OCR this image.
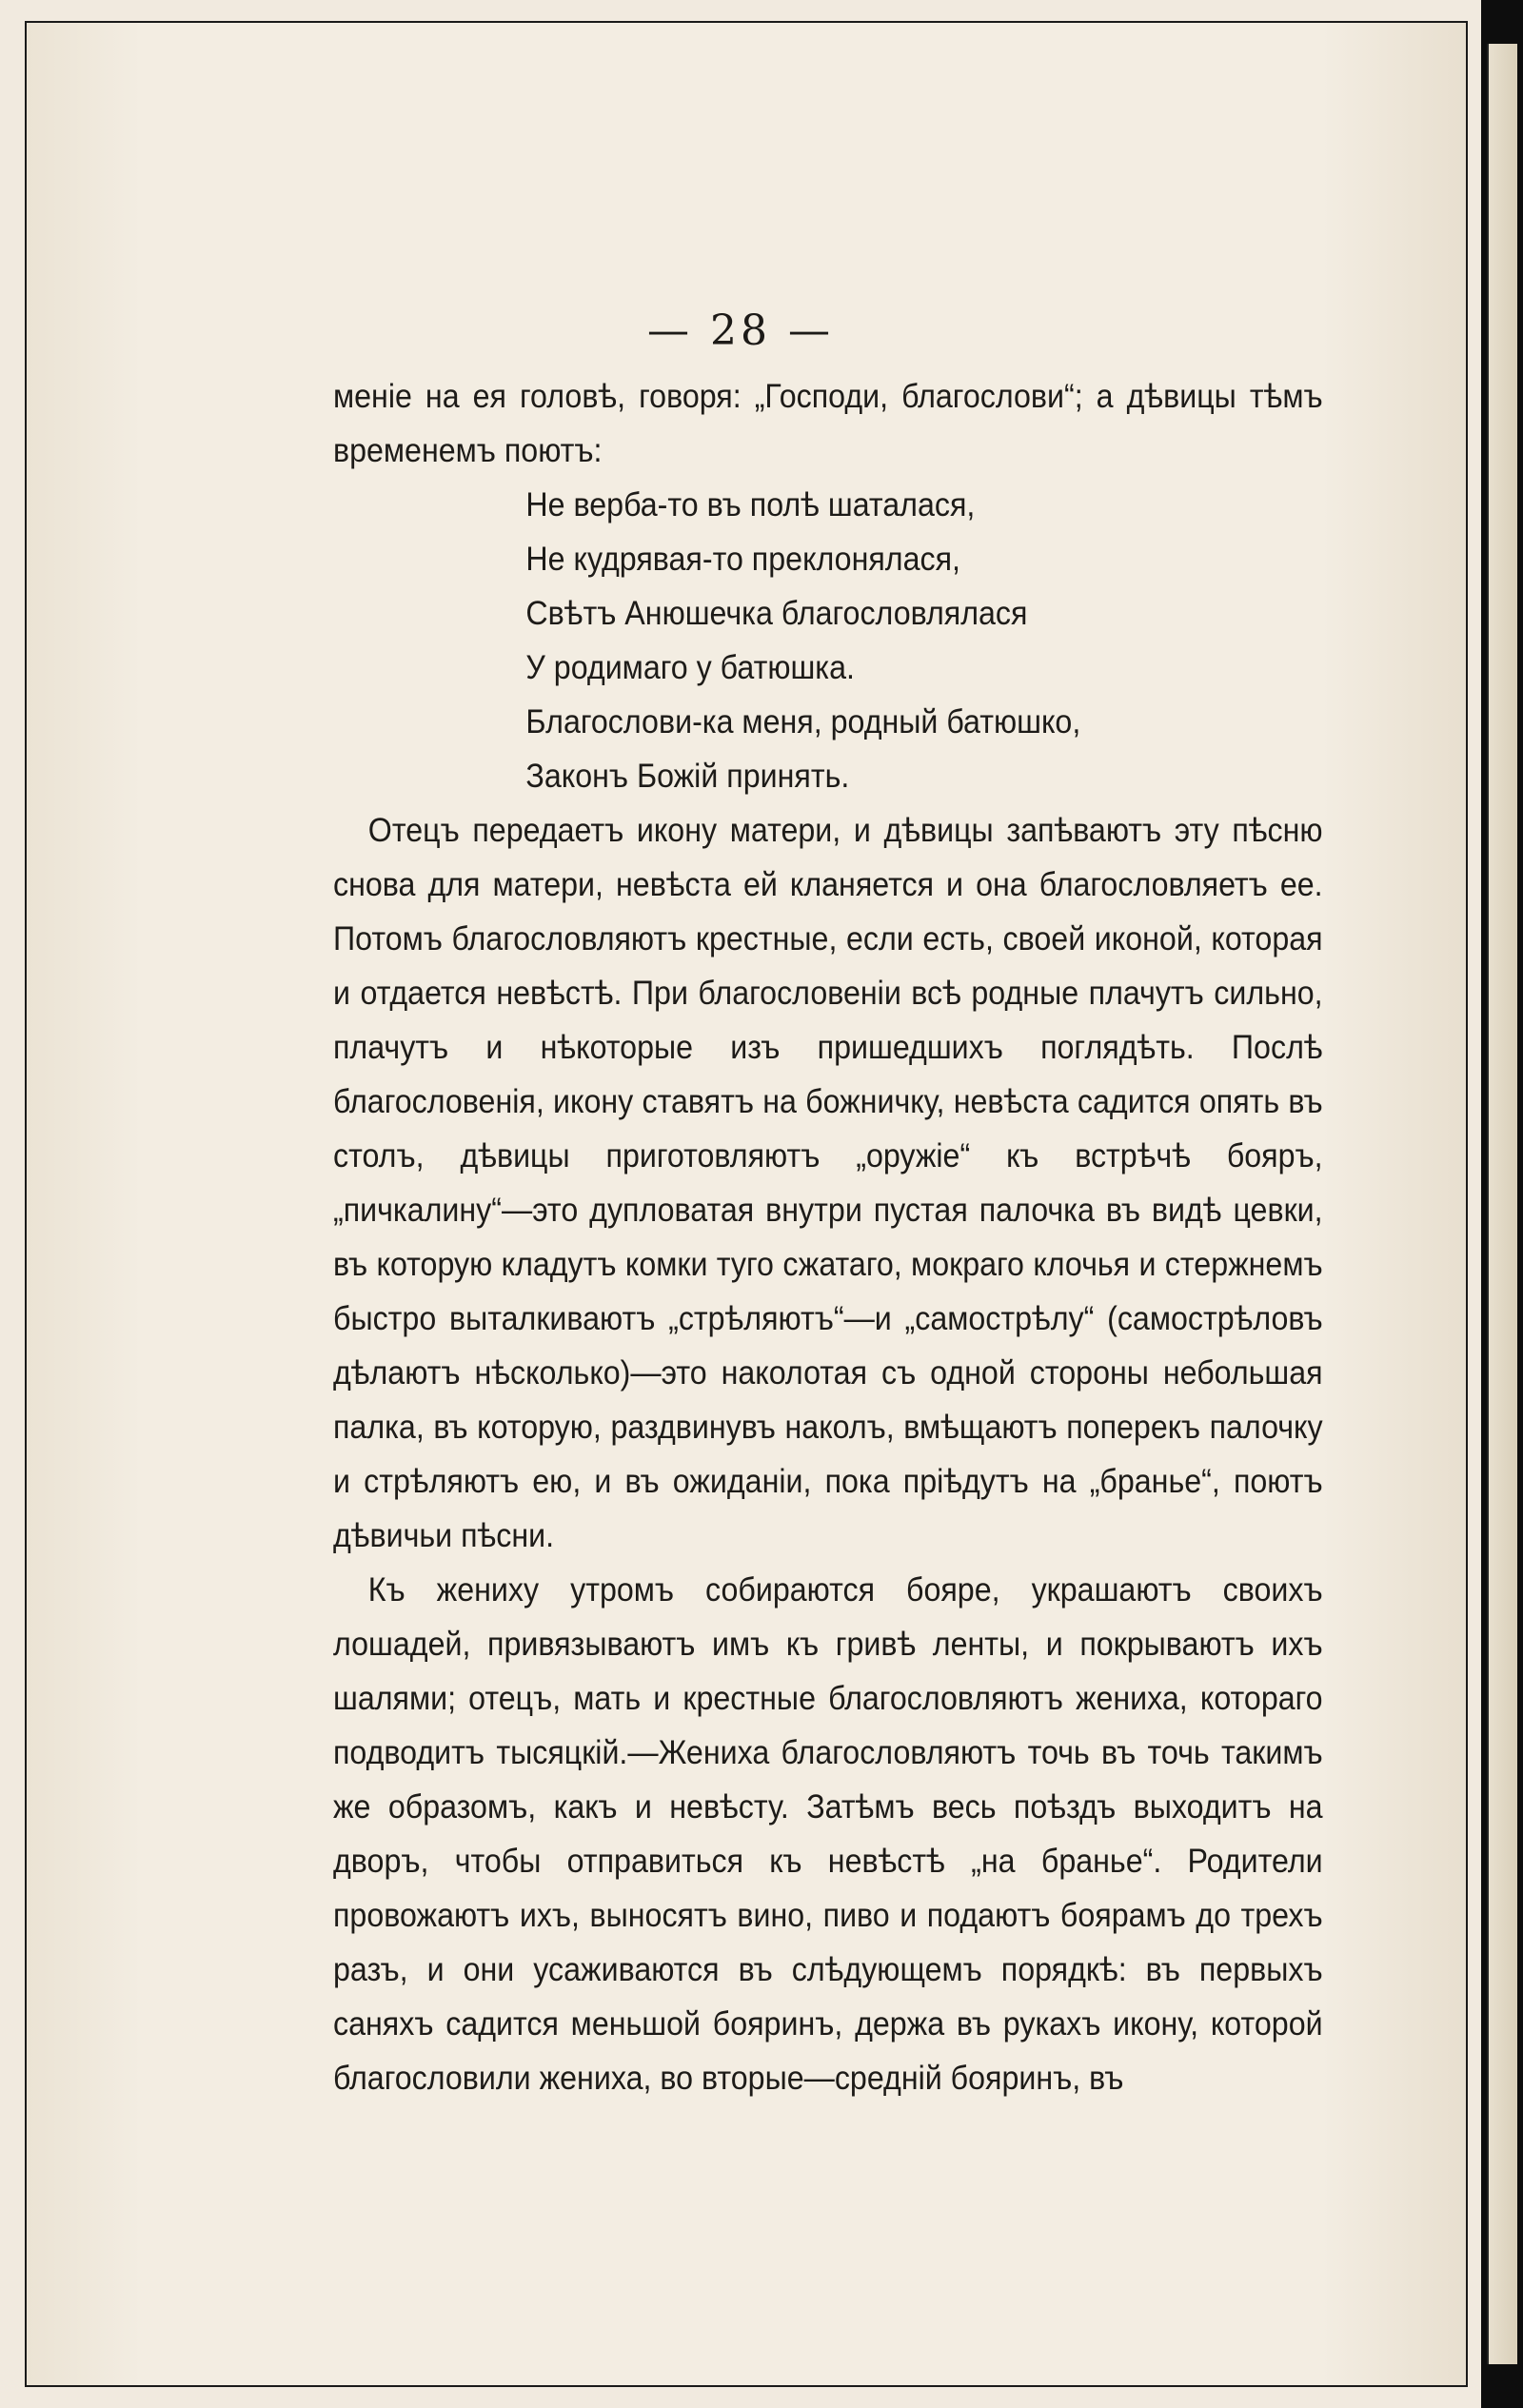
— 28 —

меніе на ея головѣ, говоря: „Господи, благослови“; а дѣвицы тѣмъ временемъ поютъ:

Не верба-то въ полѣ шаталася,
Не кудрявая-то преклонялася,
Свѣтъ Анюшечка благословлялася
У родимаго у батюшка.
Благослови-ка меня, родный батюшко,
Законъ Божій принять.

Отецъ передаетъ икону матери, и дѣвицы запѣваютъ эту пѣсню снова для матери, невѣста ей кланяется и она благословляетъ ее. Потомъ благословляютъ крестные, если есть, своей иконой, которая и отдается невѣстѣ. При благословеніи всѣ родные плачутъ сильно, плачутъ и нѣкоторые изъ пришедшихъ поглядѣть. Послѣ благословенія, икону ставятъ на божничку, невѣста садится опять въ столъ, дѣвицы приготовляютъ „оружіе“ къ встрѣчѣ бояръ, „пичкалину“—это дупловатая внутри пустая палочка въ видѣ цевки, въ которую кладутъ комки туго сжатаго, мокраго клочья и стержнемъ быстро выталкиваютъ „стрѣляютъ“—и „самострѣлу“ (самострѣловъ дѣлаютъ нѣсколько)—это наколотая съ одной стороны небольшая палка, въ которую, раздвинувъ наколъ, вмѣщаютъ поперекъ палочку и стрѣляютъ ею, и въ ожиданіи, пока пріѣдутъ на „бранье“, поютъ дѣвичьи пѣсни.

Къ жениху утромъ собираются бояре, украшаютъ своихъ лошадей, привязываютъ имъ къ гривѣ ленты, и покрываютъ ихъ шалями; отецъ, мать и крестные благословляютъ жениха, котораго подводитъ тысяцкій.—Жениха благословляютъ точь въ точь такимъ же образомъ, какъ и невѣсту. Затѣмъ весь поѣздъ выходитъ на дворъ, чтобы отправиться къ невѣстѣ „на бранье“. Родители провожаютъ ихъ, выносятъ вино, пиво и подаютъ боярамъ до трехъ разъ, и они усаживаются въ слѣдующемъ порядкѣ: въ первыхъ саняхъ садится меньшой бояринъ, держа въ рукахъ икону, которой благословили жениха, во вторые—средній бояринъ, въ
